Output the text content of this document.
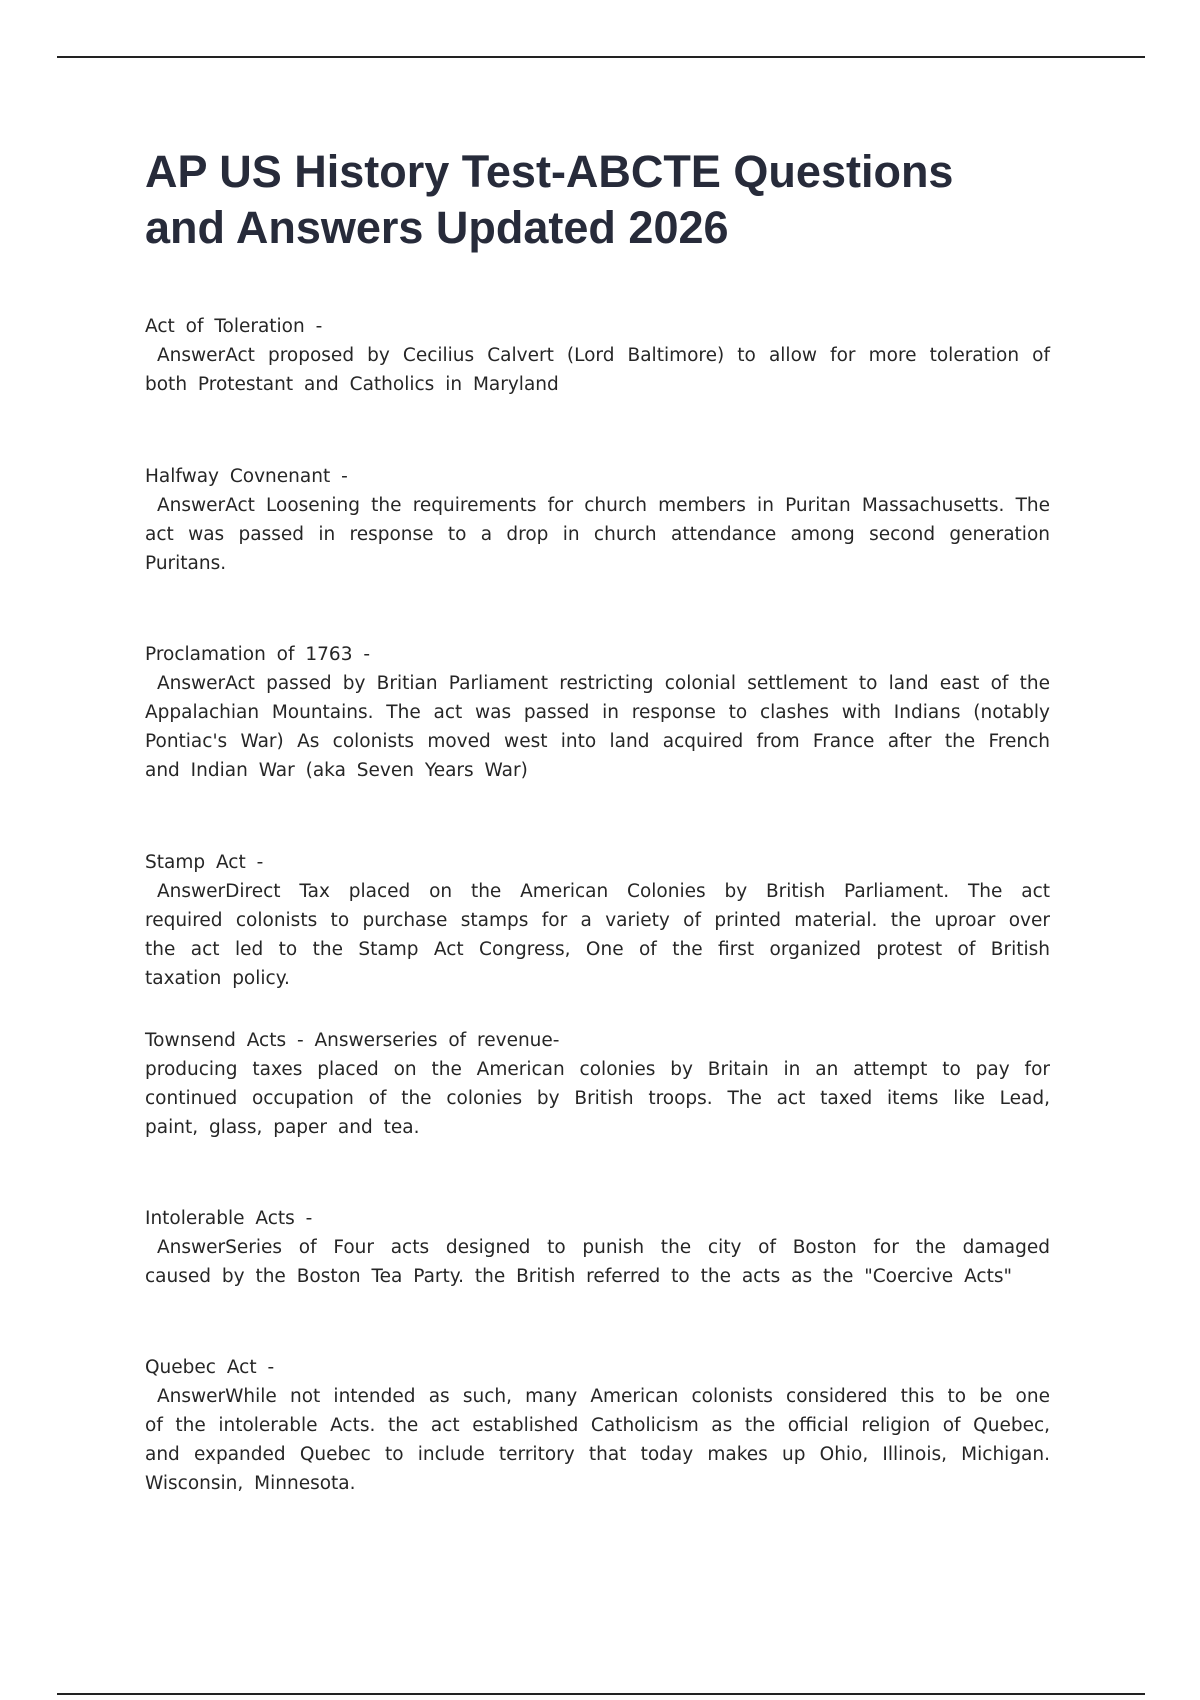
AP US History Test-ABCTE Questions and Answers Updated 2026
Act of Toleration -
AnswerAct proposed by Cecilius Calvert (Lord Baltimore) to allow for more toleration of both Protestant and Catholics in Maryland
Halfway Covnenant -
AnswerAct Loosening the requirements for church members in Puritan Massachusetts. The act was passed in response to a drop in church attendance among second generation Puritans.
Proclamation of 1763 -
AnswerAct passed by Britian Parliament restricting colonial settlement to land east of the Appalachian Mountains. The act was passed in response to clashes with Indians (notably Pontiac's War) As colonists moved west into land acquired from France after the French and Indian War (aka Seven Years War)
Stamp Act -
AnswerDirect Tax placed on the American Colonies by British Parliament. The act required colonists to purchase stamps for a variety of printed material. the uproar over the act led to the Stamp Act Congress, One of the first organized protest of British taxation policy.
Townsend Acts - Answerseries of revenue-
producing taxes placed on the American colonies by Britain in an attempt to pay for continued occupation of the colonies by British troops. The act taxed items like Lead, paint, glass, paper and tea.
Intolerable Acts -
AnswerSeries of Four acts designed to punish the city of Boston for the damaged caused by the Boston Tea Party. the British referred to the acts as the "Coercive Acts"
Quebec Act -
AnswerWhile not intended as such, many American colonists considered this to be one of the intolerable Acts. the act established Catholicism as the official religion of Quebec, and expanded Quebec to include territory that today makes up Ohio, Illinois, Michigan. Wisconsin, Minnesota.
